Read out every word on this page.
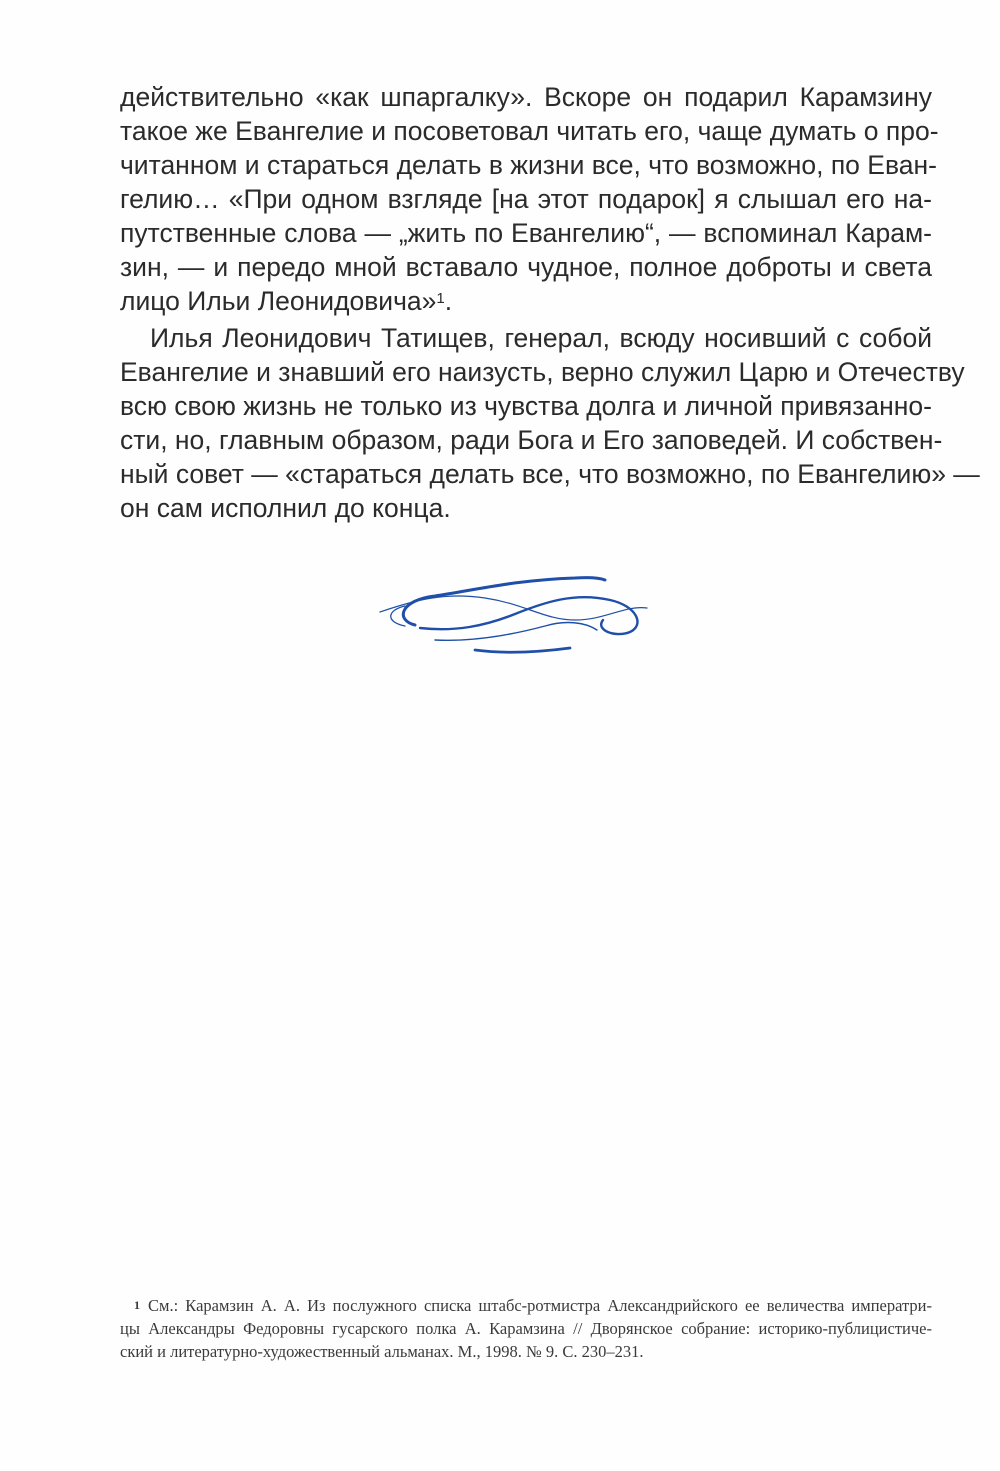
действительно «как шпаргалку». Вскоре он подарил Карамзину
такое же Евангелие и посоветовал читать его, чаще думать о про-
читанном и стараться делать в жизни все, что возможно, по Еван-
гелию… «При одном взгляде [на этот подарок] я слышал его на-
путственные слова — „жить по Евангелию“, — вспоминал Карам-
зин, — и передо мной вставало чудное, полное доброты и света
лицо Ильи Леонидовича»$^1$.
Илья Леонидович Татищев, генерал, всюду носивший с собой
Евангелие и знавший его наизусть, верно служил Царю и Отечеству
всю свою жизнь не только из чувства долга и личной привязанно-
сти, но, главным образом, ради Бога и Его заповедей. И собствен-
ный совет — «стараться делать все, что возможно, по Евангелию» —
он сам исполнил до конца.
$^1$ См.: Карамзин А. А. Из послужного списка штабс-ротмистра Александрийского ее величества императри-
цы Александры Федоровны гусарского полка А. Карамзина // Дворянское собрание: историко-публицистиче-
ский и литературно-художественный альманах. М., 1998. № 9. С. 230–231.
